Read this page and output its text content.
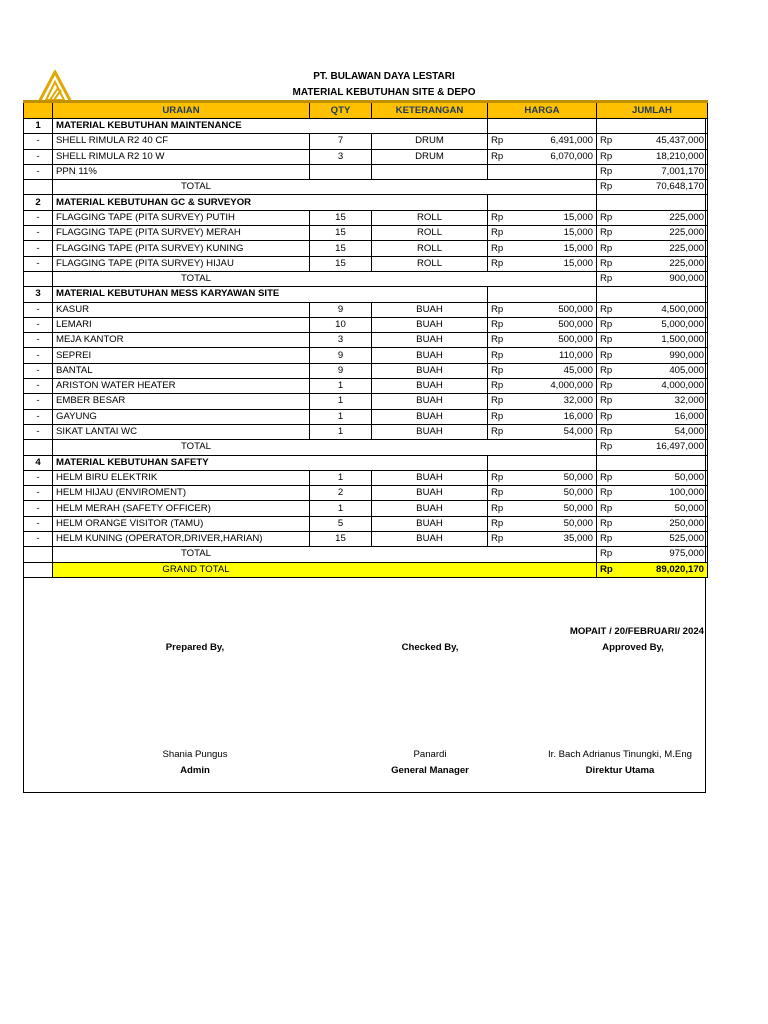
PT. BULAWAN DAYA LESTARI
MATERIAL KEBUTUHAN SITE & DEPO
	URAIAN	QTY	KETERANGAN	HARGA		JUMLAH	
1	MATERIAL KEBUTUHAN MAINTENANCE						
-	SHELL RIMULA R2 40 CF	7	DRUM	Rp	6,491,000	Rp	45,437,000
-	SHELL RIMULA R2 10 W	3	DRUM	Rp	6,070,000	Rp	18,210,000
-	PPN 11%					Rp	7,001,170
	TOTAL					Rp	70,648,170
2	MATERIAL KEBUTUHAN GC & SURVEYOR						
-	FLAGGING TAPE (PITA SURVEY) PUTIH	15	ROLL	Rp	15,000	Rp	225,000
-	FLAGGING TAPE (PITA SURVEY) MERAH	15	ROLL	Rp	15,000	Rp	225,000
-	FLAGGING TAPE (PITA SURVEY) KUNING	15	ROLL	Rp	15,000	Rp	225,000
-	FLAGGING TAPE (PITA SURVEY) HIJAU	15	ROLL	Rp	15,000	Rp	225,000
	TOTAL					Rp	900,000
3	MATERIAL KEBUTUHAN MESS KARYAWAN SITE						
-	KASUR	9	BUAH	Rp	500,000	Rp	4,500,000
-	LEMARI	10	BUAH	Rp	500,000	Rp	5,000,000
-	MEJA KANTOR	3	BUAH	Rp	500,000	Rp	1,500,000
-	SEPREI	9	BUAH	Rp	110,000	Rp	990,000
-	BANTAL	9	BUAH	Rp	45,000	Rp	405,000
-	ARISTON WATER HEATER	1	BUAH	Rp	4,000,000	Rp	4,000,000
-	EMBER BESAR	1	BUAH	Rp	32,000	Rp	32,000
-	GAYUNG	1	BUAH	Rp	16,000	Rp	16,000
-	SIKAT LANTAI WC	1	BUAH	Rp	54,000	Rp	54,000
	TOTAL					Rp	16,497,000
4	MATERIAL KEBUTUHAN SAFETY						
-	HELM BIRU ELEKTRIK	1	BUAH	Rp	50,000	Rp	50,000
-	HELM HIJAU (ENVIROMENT)	2	BUAH	Rp	50,000	Rp	100,000
-	HELM MERAH (SAFETY OFFICER)	1	BUAH	Rp	50,000	Rp	50,000
-	HELM ORANGE VISITOR (TAMU)	5	BUAH	Rp	50,000	Rp	250,000
-	HELM KUNING (OPERATOR,DRIVER,HARIAN)	15	BUAH	Rp	35,000	Rp	525,000
	TOTAL					Rp	975,000
	GRAND TOTAL					Rp	89,020,170
MOPAIT / 20/FEBRUARI/ 2024
Prepared By,	Checked By,	Approved By,
Shania Pungus	Panardi	Ir. Bach Adrianus Tinungki, M.Eng
Admin	General Manager	Direktur Utama
